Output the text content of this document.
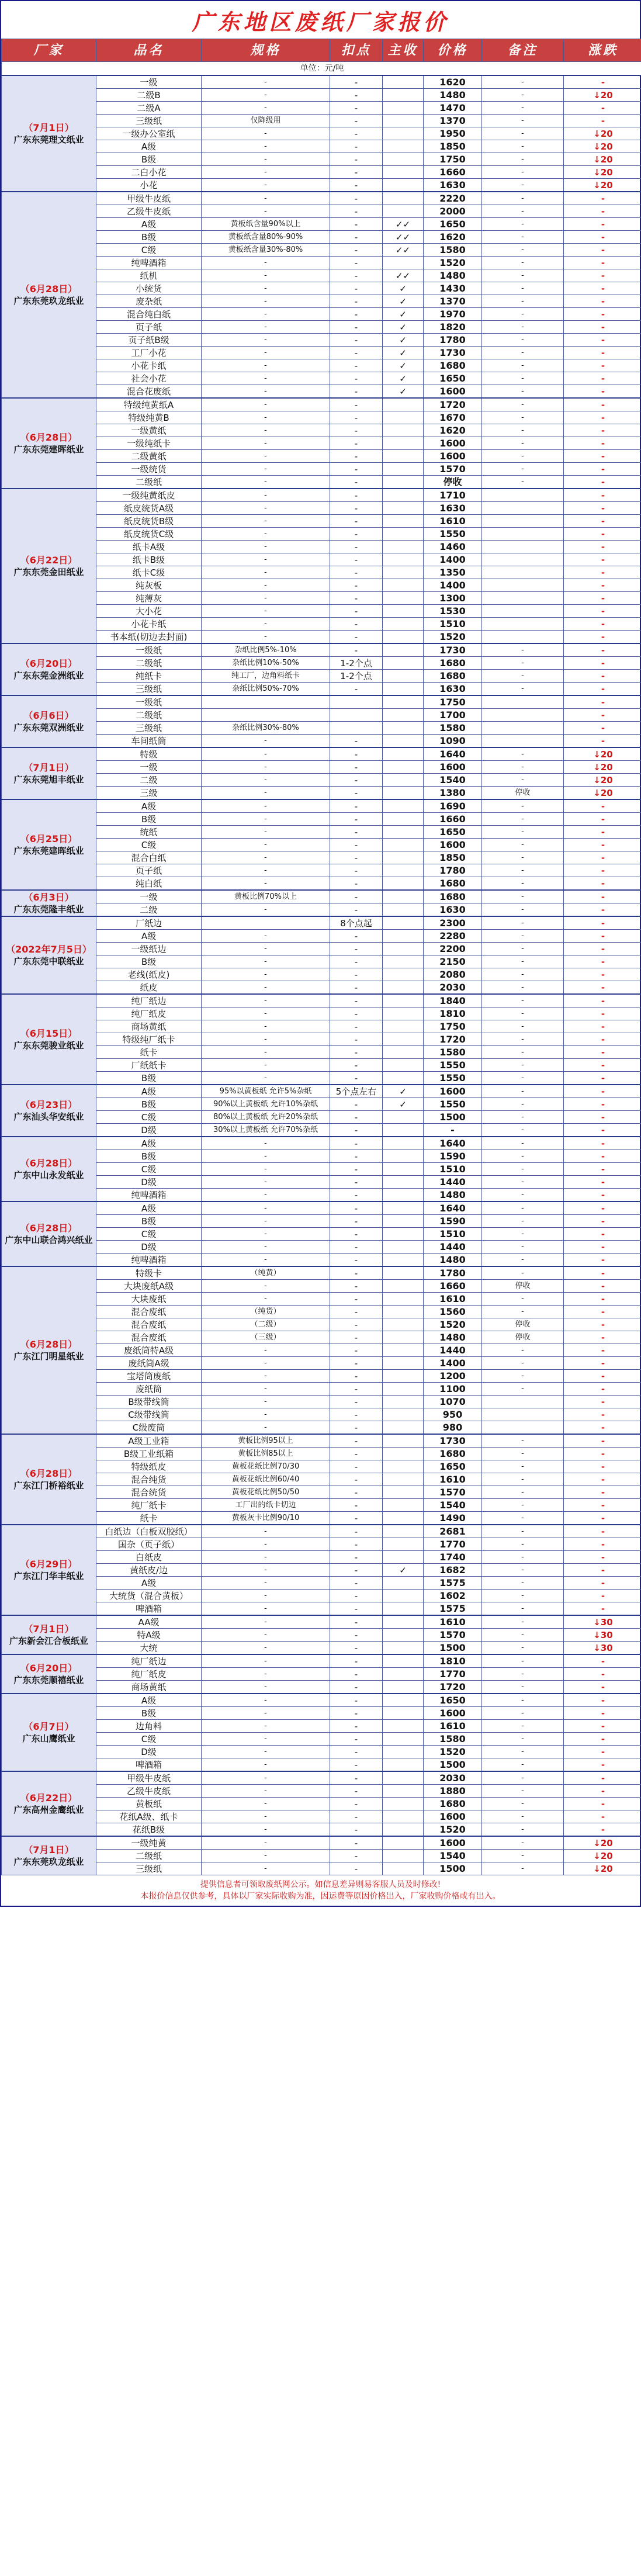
广东地区废纸厂家报价
厂家	品名	规格	扣点	主收	价格	备注	涨跌
单位：元/吨							

（7月1日）
广东东莞理文纸业	一级	-	-		1620	-	-
	二级B	-	-		1480	-	↓20
	二级A	-	-		1470	-	-
	三级纸	仅降级用	-		1370	-	-
	一级办公室纸	-	-		1950	-	↓20
	A级	-	-		1850	-	↓20
	B级	-	-		1750	-	↓20
	二白小花	-	-		1660	-	↓20
	小花	-	-		1630	-	↓20

（6月28日）
广东东莞玖龙纸业	甲级牛皮纸	-	-		2220	-	-
	乙级牛皮纸	-	-		2000	-	-
	A级	黄板纸含量90%以上	-	✓✓	1650	-	-
	B级	黄板纸含量80%-90%	-	✓✓	1620	-	-
	C级	黄板纸含量30%-80%	-	✓✓	1580	-	-
	纯啤酒箱	-	-		1520	-	-
	纸机	-	-	✓✓	1480	-	-
	小统货	-	-	✓	1430	-	-
	废杂纸	-	-	✓	1370	-	-
	混合纯白纸	-	-	✓	1970	-	-
	页子纸	-	-	✓	1820	-	-
	页子纸B级	-	-	✓	1780	-	-
	工厂小花	-	-	✓	1730	-	-
	小花卡纸	-	-	✓	1680	-	-
	社会小花	-	-	✓	1650	-	-
	混合花废纸	-	-	✓	1600	-	-

（6月28日）
广东东莞建晖纸业	特级纯黄纸A	-	-		1720	-	-
	特级纯黄B	-	-		1670	-	-
	一级黄纸	-	-		1620	-	-
	一级纯纸卡	-	-		1600	-	-
	二级黄纸	-	-		1600	-	-
	一级统货	-	-		1570	-	-
	二级纸	-	-		停收	-	-

（6月22日）
广东东莞金田纸业	一级纯黄纸皮	-	-		1710		-
	纸皮统货A级	-	-		1630		-
	纸皮统货B级	-	-		1610		-
	纸皮统货C级	-	-		1550		-
	纸卡A级	-	-		1460		-
	纸卡B级	-	-		1400		-
	纸卡C级	-	-		1350		-
	纯灰板	-	-		1400		-
	纯薄灰	-	-		1300		-
	大小花	-	-		1530		-
	小花卡纸	-	-		1510		-
	书本纸(切边去封面)	-	-		1520		-

（6月20日）
广东东莞金洲纸业	一级纸	杂纸比例5%-10%	-		1730	-	-
	二级纸	杂纸比例10%-50%	1-2个点		1680	-	-
	纯纸卡	纯工厂，边角料纸卡	1-2个点		1680	-	-
	三级纸	杂纸比例50%-70%	-		1630	-	-

（6月6日）
广东东莞双洲纸业	一级纸				1750		-
	二级纸				1700		-
	三级纸	杂纸比例30%-80%			1580		-
	车间纸筒	-	-		1090		-

（7月1日）
广东东莞旭丰纸业	特级	-	-		1640	-	↓20
	一级	-	-		1600	-	↓20
	二级	-	-		1540	-	↓20
	三级	-	-		1380	停收	↓20

（6月25日）
广东东莞建晖纸业	A级	-	-		1690	-	-
	B级	-	-		1660	-	-
	统纸	-	-		1650	-	-
	C级	-	-		1600	-	-
	混合白纸	-	-		1850	-	-
	页子纸	-	-		1780	-	-
	纯白纸	-	-		1680	-	-

（6月3日）
广东东莞隆丰纸业	一级	黄板比例70%以上	-		1680	-	-
	二级	-	-		1630	-	-

（2022年7月5日）
广东东莞中联纸业	厂纸边		8个点起		2300	-	-
	A级	-	-		2280	-	-
	一级纸边	-	-		2200	-	-
	B级	-	-		2150	-	-
	老线(纸皮)	-	-		2080	-	-
	纸皮	-	-		2030	-	-

（6月15日）
广东东莞骏业纸业	纯厂纸边	-	-		1840	-	-
	纯厂纸皮	-	-		1810	-	-
	商场黄纸	-	-		1750	-	-
	特级纯厂纸卡	-	-		1720	-	-
	纸卡	-	-		1580	-	-
	厂纸纸卡	-	-		1550	-	-
	B级	-	-		1550	-	-

（6月23日）
广东汕头华安纸业	A级	95%以黄板纸 允许5%杂纸	5个点左右	✓	1600	-	-
	B级	90%以上黄板纸 允许10%杂纸	-	✓	1550	-	-
	C级	80%以上黄板纸 允许20%杂纸	-		1500	-	-
	D级	30%以上黄板纸 允许70%杂纸	-		-	-	-

（6月28日）
广东中山永发纸业	A级	-	-		1640	-	-
	B级	-	-		1590	-	-
	C级	-	-		1510	-	-
	D级	-	-		1440	-	-
	纯啤酒箱	-	-		1480	-	-

（6月28日）
广东中山联合鸿兴纸业	A级	-	-		1640	-	-
	B级	-	-		1590	-	-
	C级	-	-		1510	-	-
	D级	-	-		1440	-	-
	纯啤酒箱	-	-		1480	-	-

（6月28日）
广东江门明星纸业	特级卡	（纯黄）	-		1780	-	-
	大块废纸A级	-	-		1660	停收	-
	大块废纸	-	-		1610	-	-
	混合废纸	（纯货）	-		1560	-	-
	混合废纸	（二级）	-		1520	停收	-
	混合废纸	（三级）	-		1480	停收	-
	废纸筒特A级	-	-		1440	-	-
	废纸筒A级	-	-		1400	-	-
	宝塔筒废纸	-	-		1200	-	-
	废纸筒	-	-		1100	-	-
	B级带线筒	-	-		1070		-
	C级带线筒	-	-		950		-
	C级废筒	-	-		980		-

（6月28日）
广东江门桥裕纸业	A级工业箱	黄板比例95以上	-		1730	-	-
	B级工业纸箱	黄板比例85以上	-		1680	-	-
	特级纸皮	黄板花纸比例70/30	-		1650	-	-
	混合纯货	黄板花纸比例60/40	-		1610	-	-
	混合统货	黄板花纸比例50/50	-		1570	-	-
	纯厂纸卡	工厂出的纸卡切边	-		1540	-	-
	纸卡	黄板灰卡比例90/10	-		1490	-	-

（6月29日）
广东江门华丰纸业	白纸边（白板双胶纸）	-	-		2681	-	-
	国杂（页子纸）	-	-		1770	-	-
	白纸皮	-	-		1740	-	-
	黄纸皮/边	-	-	✓	1682	-	-
	A级	-	-		1575	-	-
	大统货（混合黄板）	-	-		1602	-	-
	啤酒箱	-	-		1575	-	-

（7月1日）
广东新会江合板纸业	AA级	-	-		1610	-	↓30
	特A级	-	-		1570	-	↓30
	大统	-	-		1500	-	↓30

（6月20日）
广东东莞顺禧纸业	纯厂纸边	-	-		1810	-	-
	纯厂纸皮	-	-		1770	-	-
	商场黄纸	-	-		1720	-	-

（6月7日）
广东山鹰纸业	A级	-	-		1650	-	-
	B级	-	-		1600	-	-
	边角料	-	-		1610	-	-
	C级	-	-		1580	-	-
	D级	-	-		1520	-	-
	啤酒箱	-	-		1500	-	-

（6月22日）
广东高州金鹰纸业	甲级牛皮纸	-	-		2030	-	-
	乙级牛皮纸	-	-		1880	-	-
	黄板纸	-	-		1680	-	-
	花纸A级、纸卡	-	-		1600	-	-
	花纸B级	-	-		1520	-	-

（7月1日）
广东东莞玖龙纸业	一级纯黄	-	-		1600	-	↓20
	二级纸	-	-		1540	-	↓20
	三级纸	-	-		1500	-	↓20
提供信息者可领取废纸网公示。如信息差异则易客服人员及时修改!
本报价信息仅供参考，具体以厂家实际收购为准，因运费等原因价格出入，厂家收购价格或有出入。
